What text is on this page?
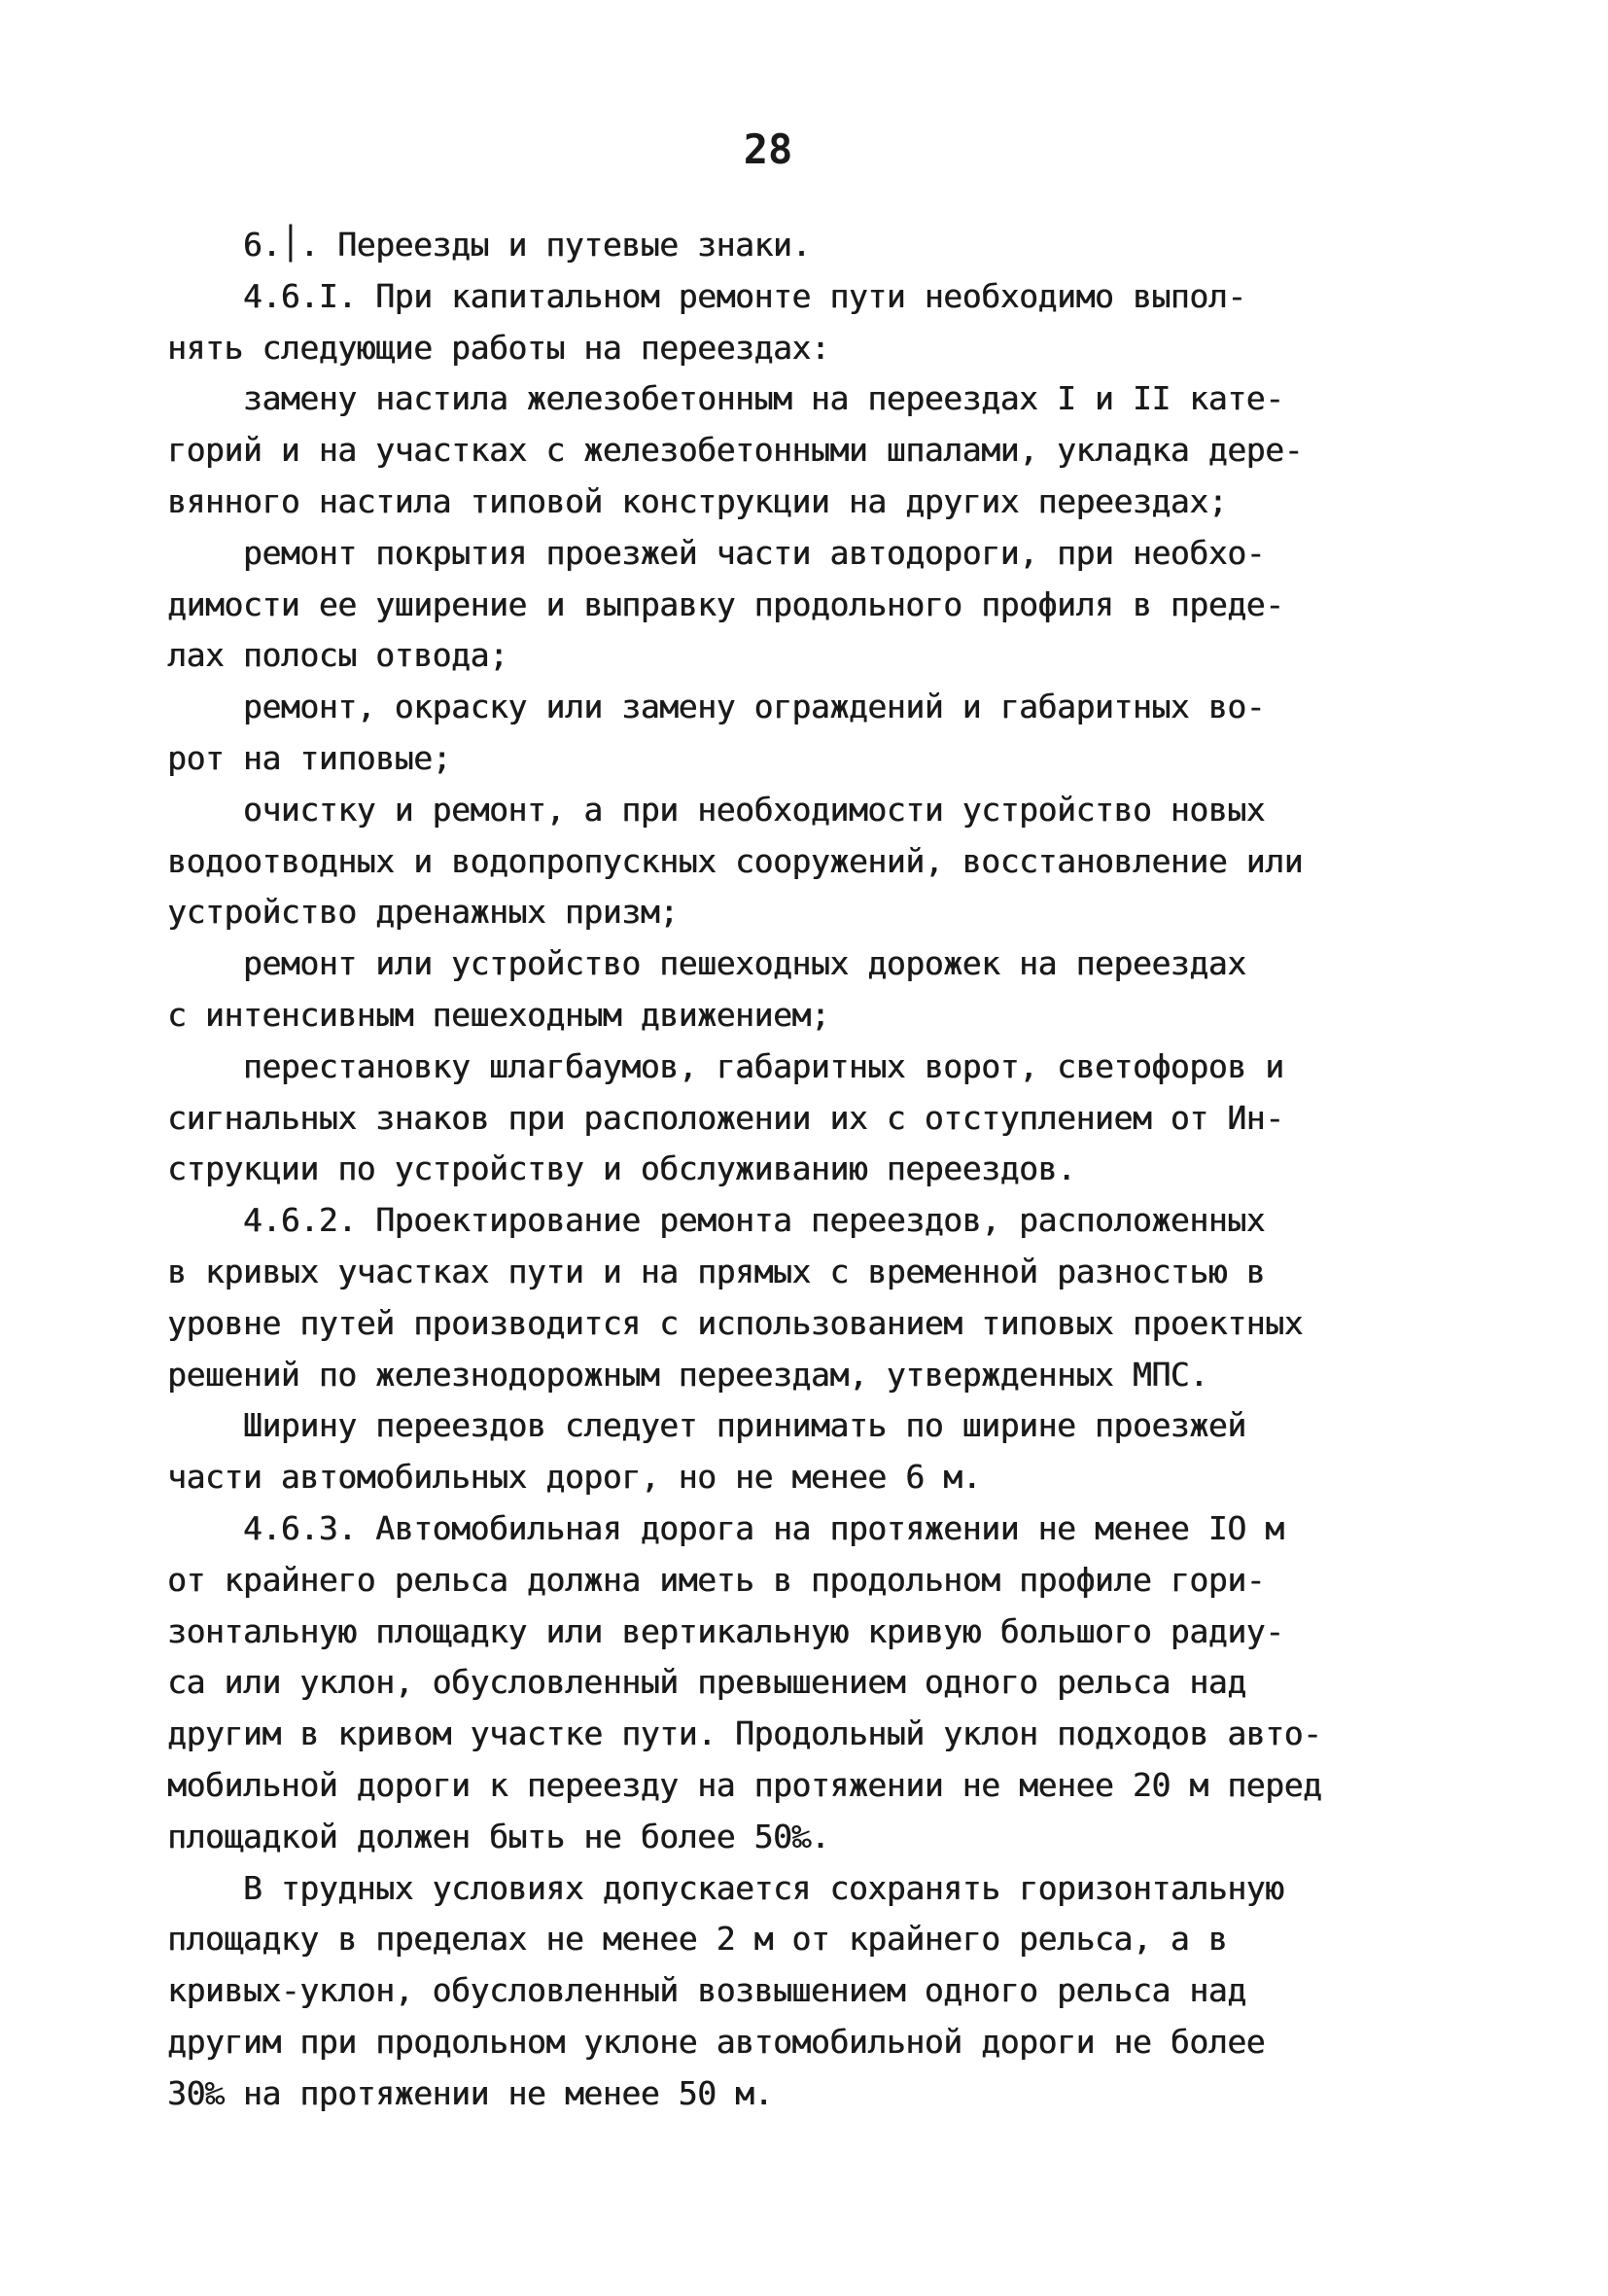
28
׀.6. Переезды и путевые знаки.
4.6.I. При капитальном ремонте пути необходимо выпол-
нять следующие работы на переездах:
замену настила железобетонным на переездах I и II кате-
горий и на участках с железобетонными шпалами, укладка дере-
вянного настила типовой конструкции на других переездах;
ремонт покрытия проезжей части автодороги, при необхо-
димости ее уширение и выправку продольного профиля в преде-
лах полосы отвода;
ремонт, окраску или замену ограждений и габаритных во-
рот на типовые;
очистку и ремонт, а при необходимости устройство новых
водоотводных и водопропускных сооружений, восстановление или
устройство дренажных призм;
ремонт или устройство пешеходных дорожек на переездах
с интенсивным пешеходным движением;
перестановку шлагбаумов, габаритных ворот, светофоров и
сигнальных знаков при расположении их с отступлением от Ин-
струкции по устройству и обслуживанию переездов.
4.6.2. Проектирование ремонта переездов, расположенных
в кривых участках пути и на прямых с временной разностью в
уровне путей производится с использованием типовых проектных
решений по железнодорожным переездам, утвержденных МПС.
Ширину переездов следует принимать по ширине проезжей
части автомобильных дорог, но не менее 6 м.
4.6.3. Автомобильная дорога на протяжении не менее IO м
от крайнего рельса должна иметь в продольном профиле гори-
зонтальную площадку или вертикальную кривую большого радиу-
са или уклон, обусловленный превышением одного рельса над
другим в кривом участке пути. Продольный уклон подходов авто-
мобильной дороги к переезду на протяжении не менее 20 м перед
площадкой должен быть не более 50‰.
В трудных условиях допускается сохранять горизонтальную
площадку в пределах не менее 2 м от крайнего рельса, а в
кривых-уклон, обусловленный возвышением одного рельса над
другим при продольном уклоне автомобильной дороги не более
30‰ на протяжении не менее 50 м.
